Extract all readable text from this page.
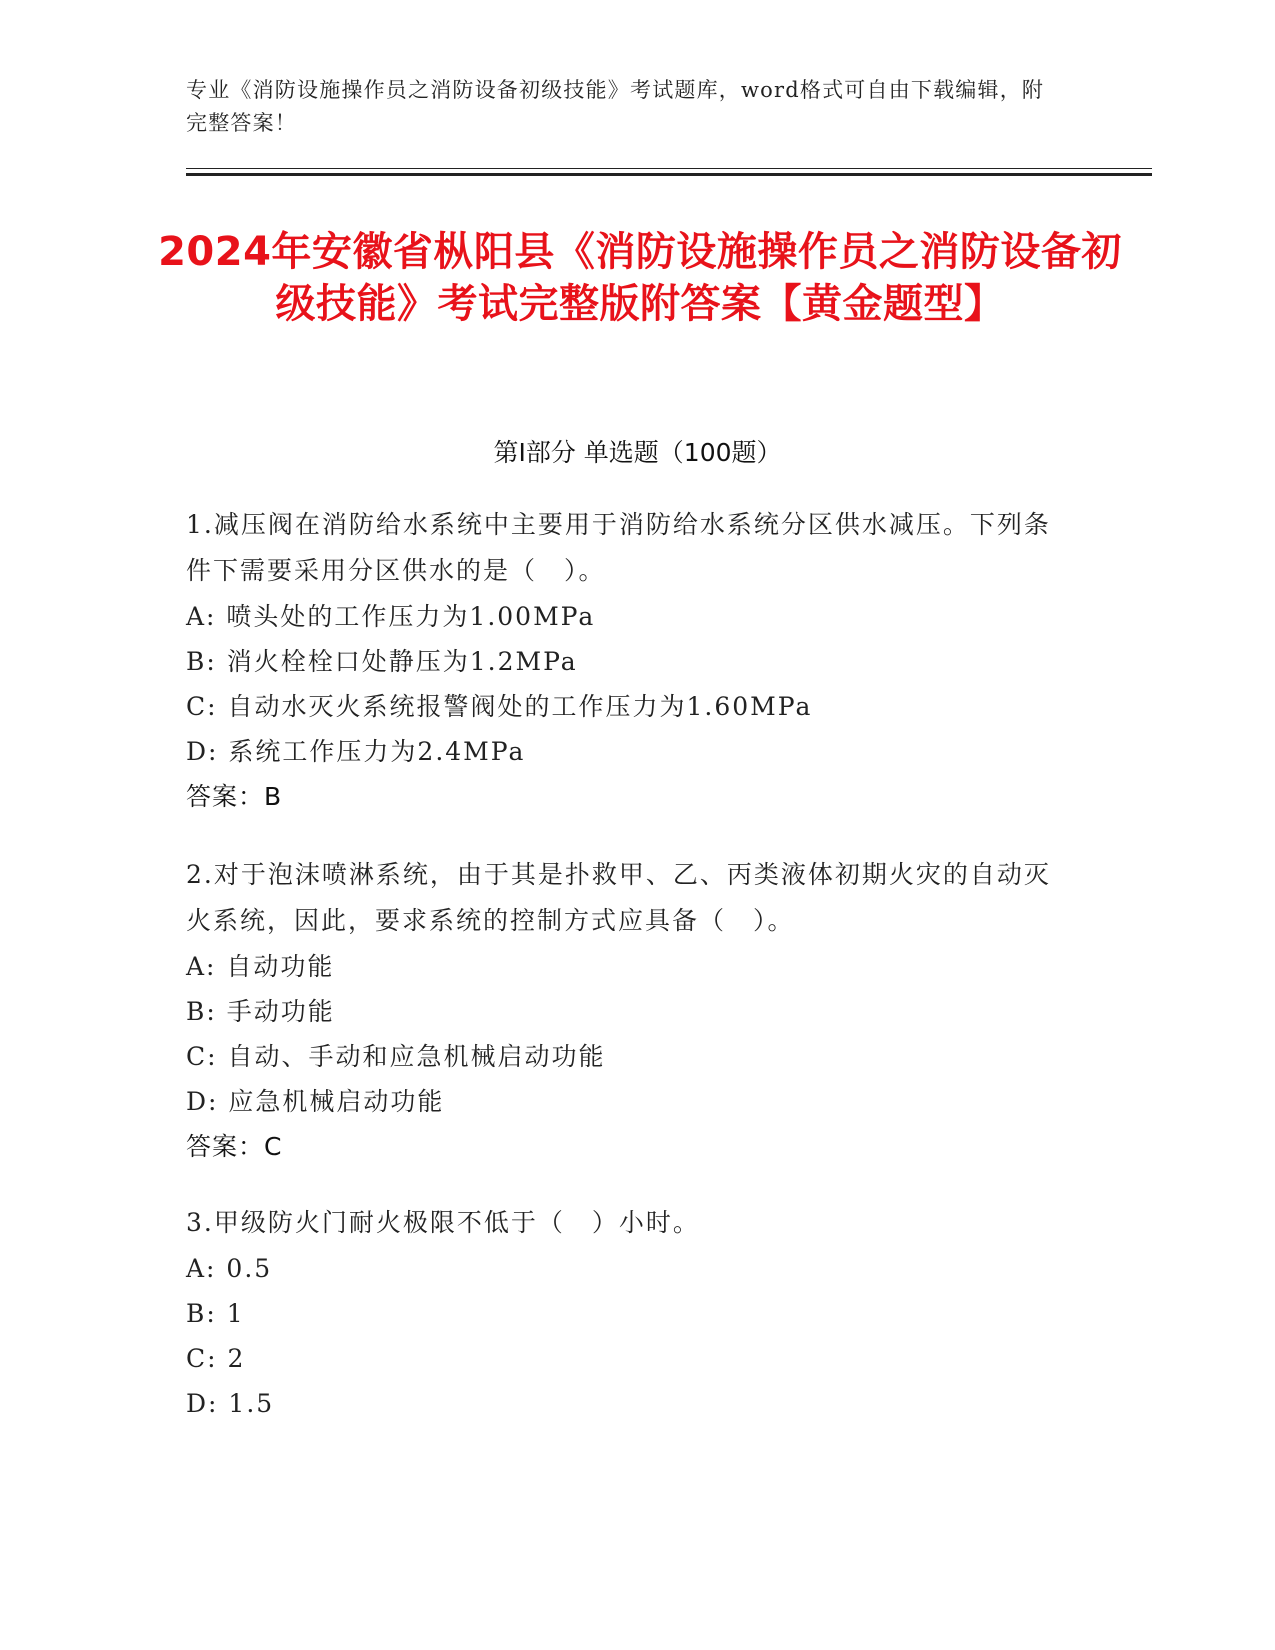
专业《消防设施操作员之消防设备初级技能》考试题库，word格式可自由下载编辑，附完整答案！
2024年安徽省枞阳县《消防设施操作员之消防设备初级技能》考试完整版附答案【黄金题型】
第Ⅰ部分 单选题（100题）

1.减压阀在消防给水系统中主要用于消防给水系统分区供水减压。下列条件下需要采用分区供水的是（　）。

A: 喷头处的工作压力为1.00MPa

B: 消火栓栓口处静压为1.2MPa

C: 自动水灭火系统报警阀处的工作压力为1.60MPa

D: 系统工作压力为2.4MPa

答案：B

2.对于泡沫喷淋系统，由于其是扑救甲、乙、丙类液体初期火灾的自动灭火系统，因此，要求系统的控制方式应具备（　）。

A: 自动功能

B: 手动功能

C: 自动、手动和应急机械启动功能

D: 应急机械启动功能

答案：C

3.甲级防火门耐火极限不低于（　）小时。

A: 0.5

B: 1

C: 2

D: 1.5
